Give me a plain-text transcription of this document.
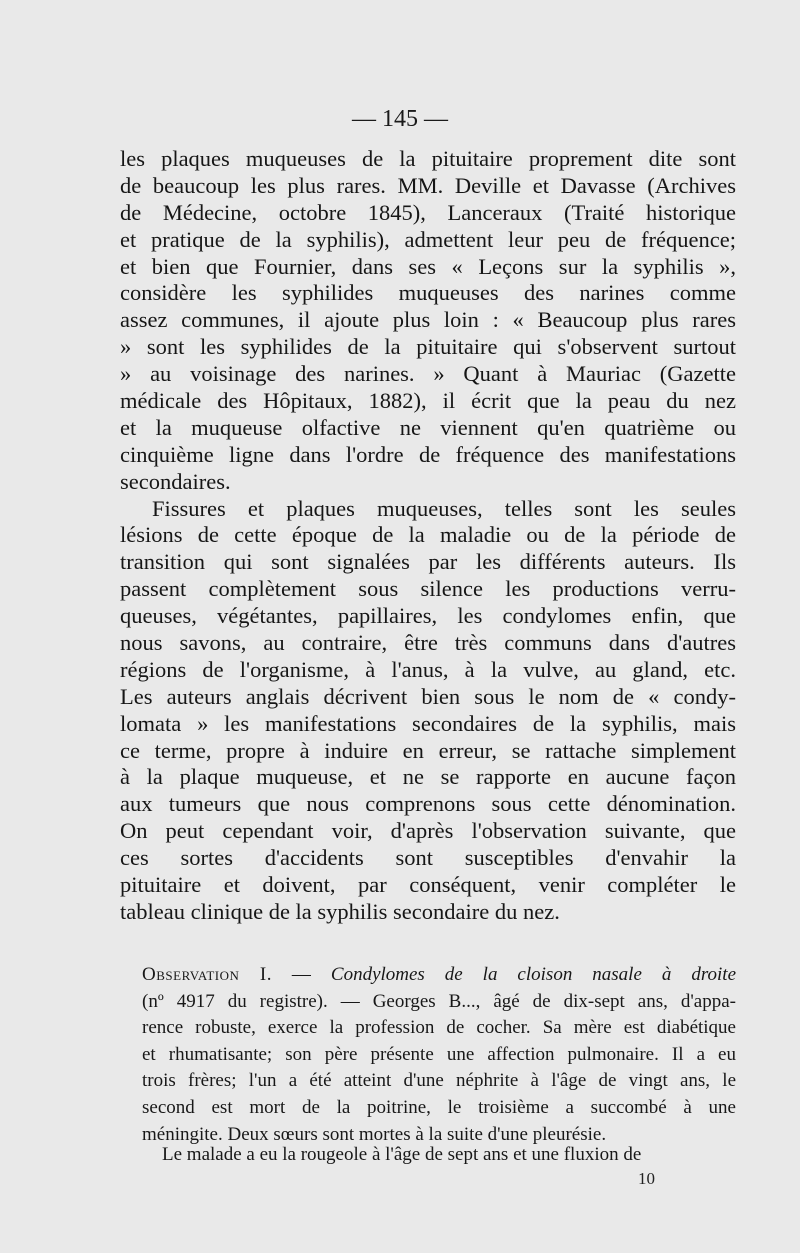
— 145 —
les plaques muqueuses de la pituitaire proprement dite sont
de beaucoup les plus rares. MM. Deville et Davasse (Archives
de Médecine, octobre 1845), Lanceraux (Traité historique
et pratique de la syphilis), admettent leur peu de fréquence;
et bien que Fournier, dans ses « Leçons sur la syphilis »,
considère les syphilides muqueuses des narines comme
assez communes, il ajoute plus loin : « Beaucoup plus rares
» sont les syphilides de la pituitaire qui s'observent surtout
» au voisinage des narines. » Quant à Mauriac (Gazette
médicale des Hôpitaux, 1882), il écrit que la peau du nez
et la muqueuse olfactive ne viennent qu'en quatrième ou
cinquième ligne dans l'ordre de fréquence des manifestations
secondaires.
Fissures et plaques muqueuses, telles sont les seules
lésions de cette époque de la maladie ou de la période de
transition qui sont signalées par les différents auteurs. Ils
passent complètement sous silence les productions verru-
queuses, végétantes, papillaires, les condylomes enfin, que
nous savons, au contraire, être très communs dans d'autres
régions de l'organisme, à l'anus, à la vulve, au gland, etc.
Les auteurs anglais décrivent bien sous le nom de « condy-
lomata » les manifestations secondaires de la syphilis, mais
ce terme, propre à induire en erreur, se rattache simplement
à la plaque muqueuse, et ne se rapporte en aucune façon
aux tumeurs que nous comprenons sous cette dénomination.
On peut cependant voir, d'après l'observation suivante, que
ces sortes d'accidents sont susceptibles d'envahir la
pituitaire et doivent, par conséquent, venir compléter le
tableau clinique de la syphilis secondaire du nez.
Observation I. — Condylomes de la cloison nasale à droite
(nº 4917 du registre). — Georges B..., âgé de dix-sept ans, d'appa-
rence robuste, exerce la profession de cocher. Sa mère est diabétique
et rhumatisante; son père présente une affection pulmonaire. Il a eu
trois frères; l'un a été atteint d'une néphrite à l'âge de vingt ans, le
second est mort de la poitrine, le troisième a succombé à une
méningite. Deux sœurs sont mortes à la suite d'une pleurésie.
Le malade a eu la rougeole à l'âge de sept ans et une fluxion de
10
